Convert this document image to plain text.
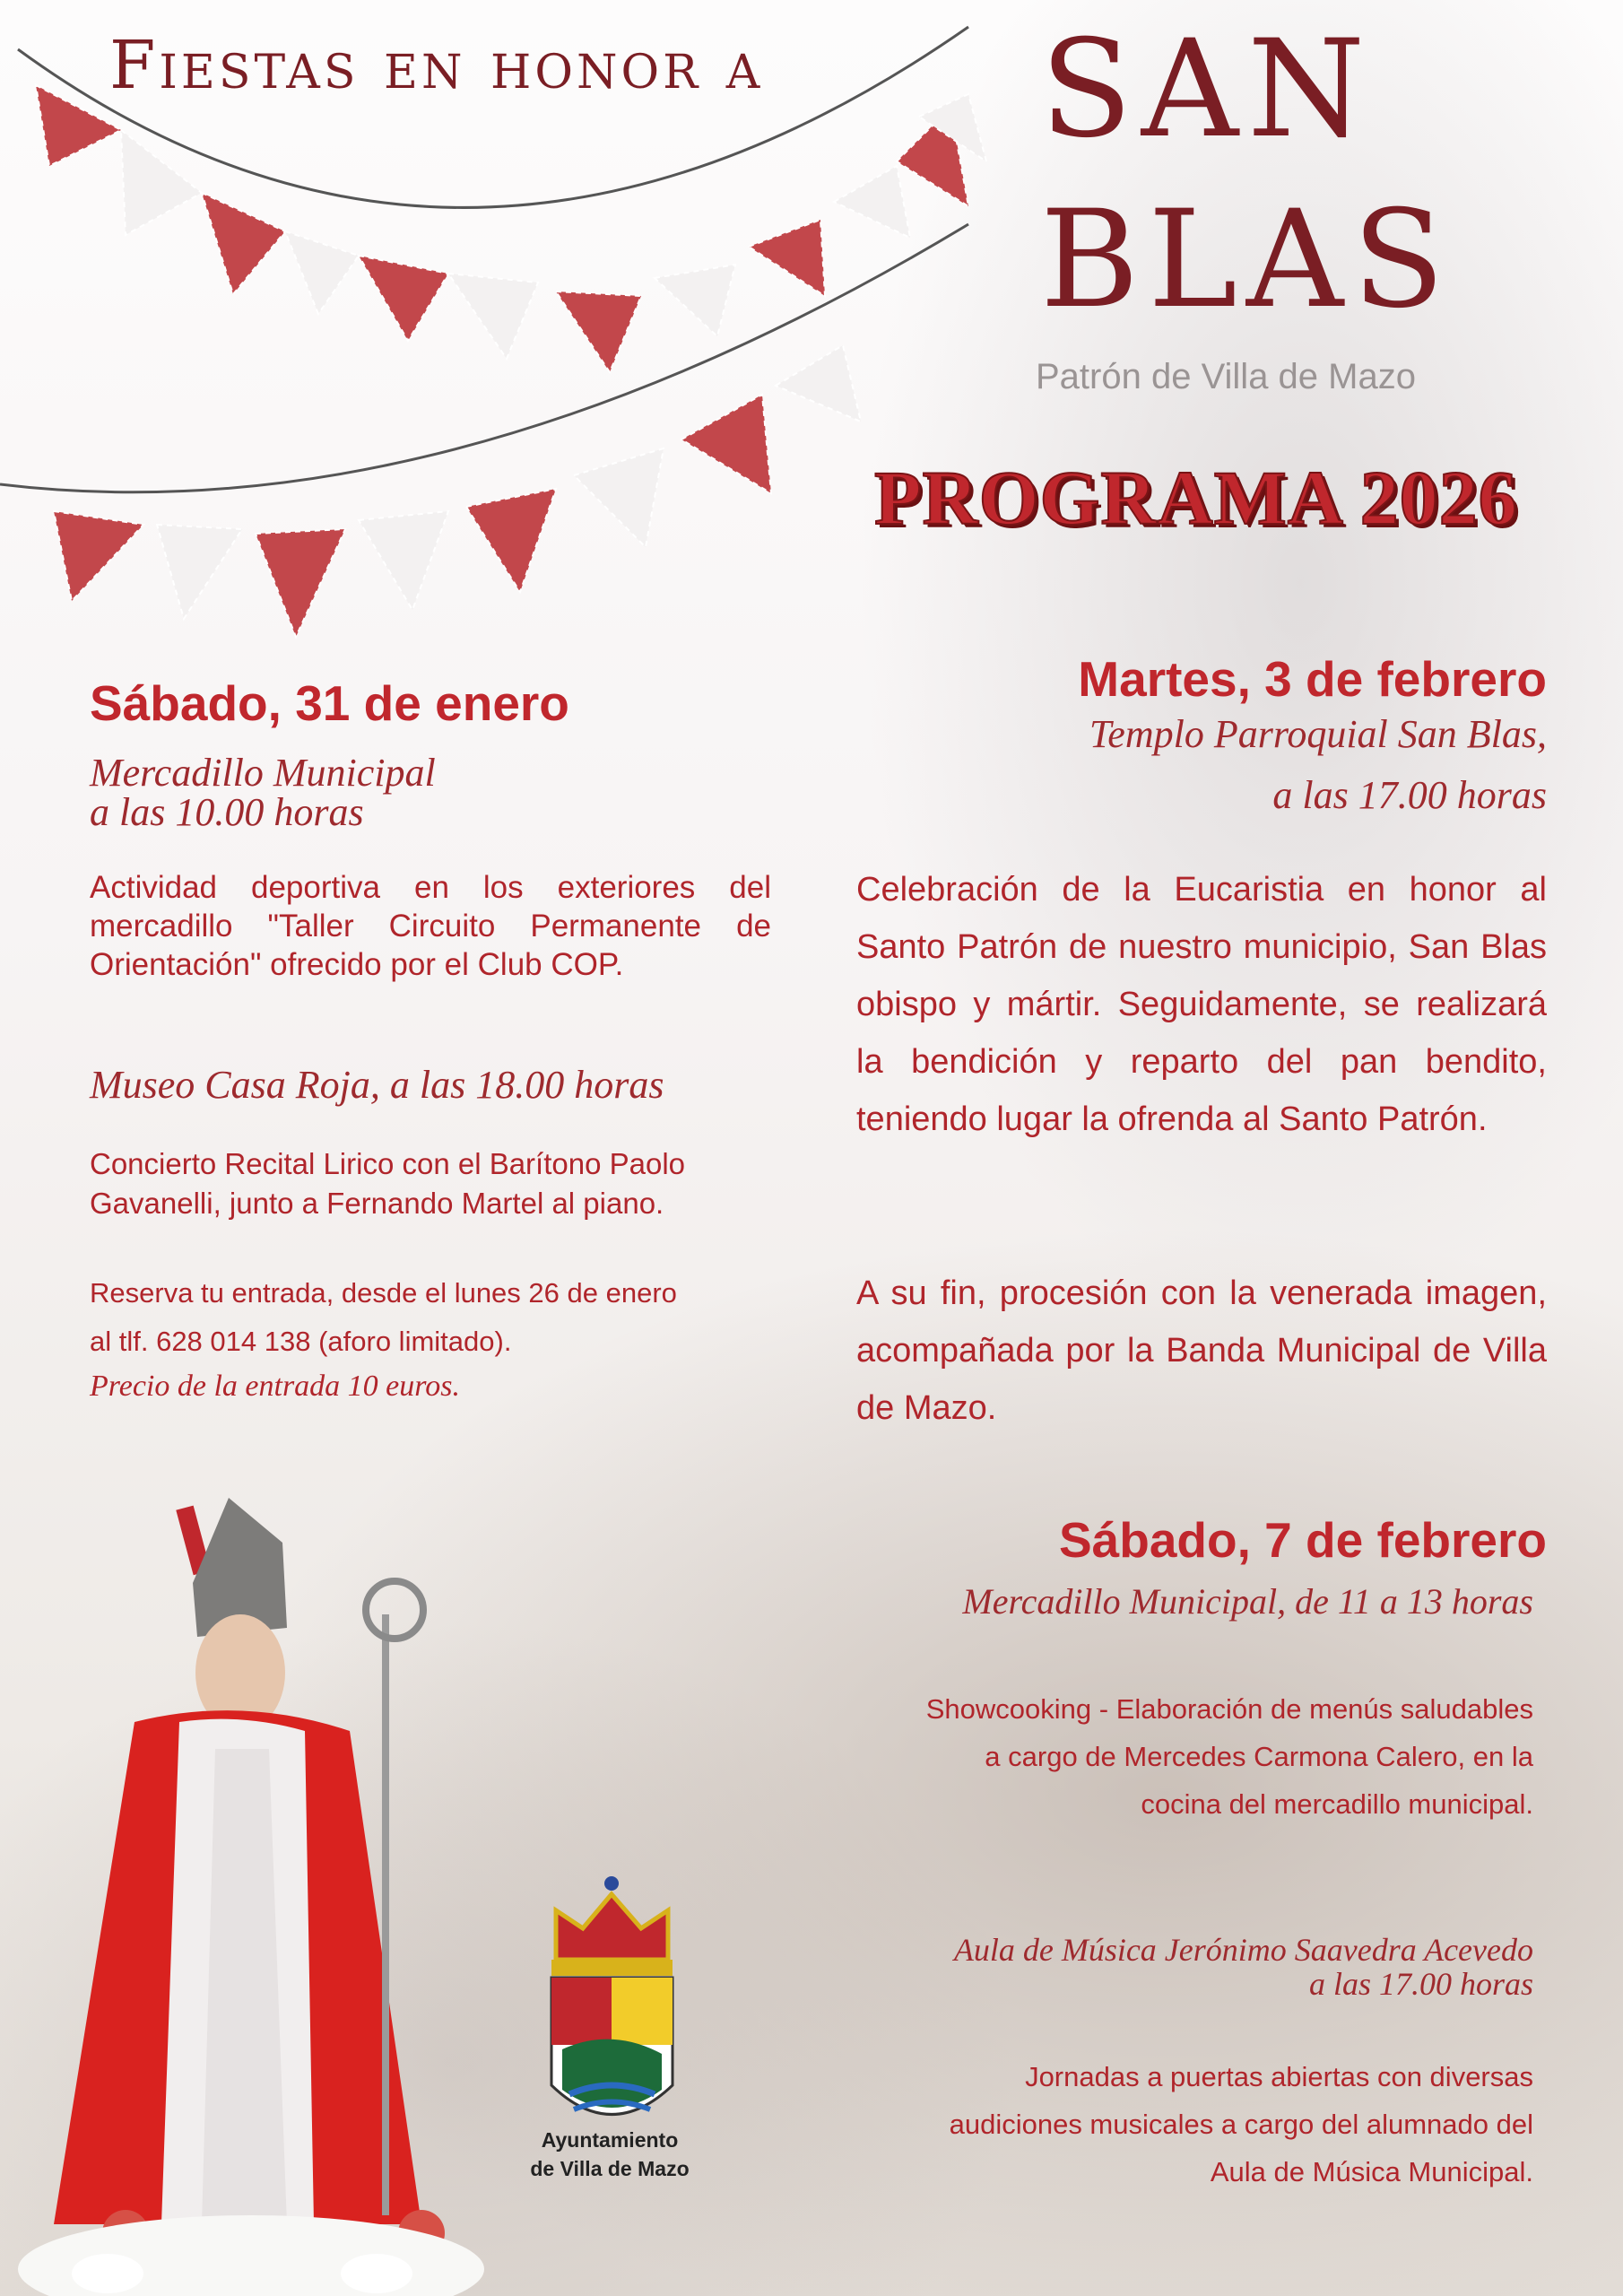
Fiestas en honor a SAN
BLAS
Patrón de Villa de Mazo
PROGRAMA 2026
Sábado, 31 de enero
Mercadillo Municipal
a las 10.00 horas
Actividad deportiva en los exteriores del mercadillo "Taller Circuito Permanente de Orientación" ofrecido por el Club COP.
Museo Casa Roja, a las 18.00 horas
Concierto Recital Lirico con el Barítono Paolo Gavanelli, junto a Fernando Martel al piano.
Reserva tu entrada, desde el lunes 26 de enero
al tlf. 628 014 138 (aforo limitado).
Precio de la entrada 10 euros.
Martes, 3 de febrero
Templo Parroquial San Blas,
a las 17.00 horas
Celebración de la Eucaristia en honor al Santo Patrón de nuestro municipio, San Blas obispo y mártir. Seguidamente, se realizará la bendición y reparto del pan bendito, teniendo lugar la ofrenda al Santo Patrón.
A su fin, procesión con la venerada imagen, acompañada por la Banda Municipal de Villa de Mazo.
Sábado, 7 de febrero
Mercadillo Municipal, de 11 a 13 horas
Showcooking - Elaboración de menús saludables
a cargo de Mercedes Carmona Calero, en la
cocina del mercadillo municipal.
Aula de Música Jerónimo Saavedra Acevedo
a las 17.00 horas
Jornadas a puertas abiertas con diversas
audiciones musicales a cargo del alumnado del
Aula de Música Municipal.
Ayuntamiento
de Villa de Mazo
